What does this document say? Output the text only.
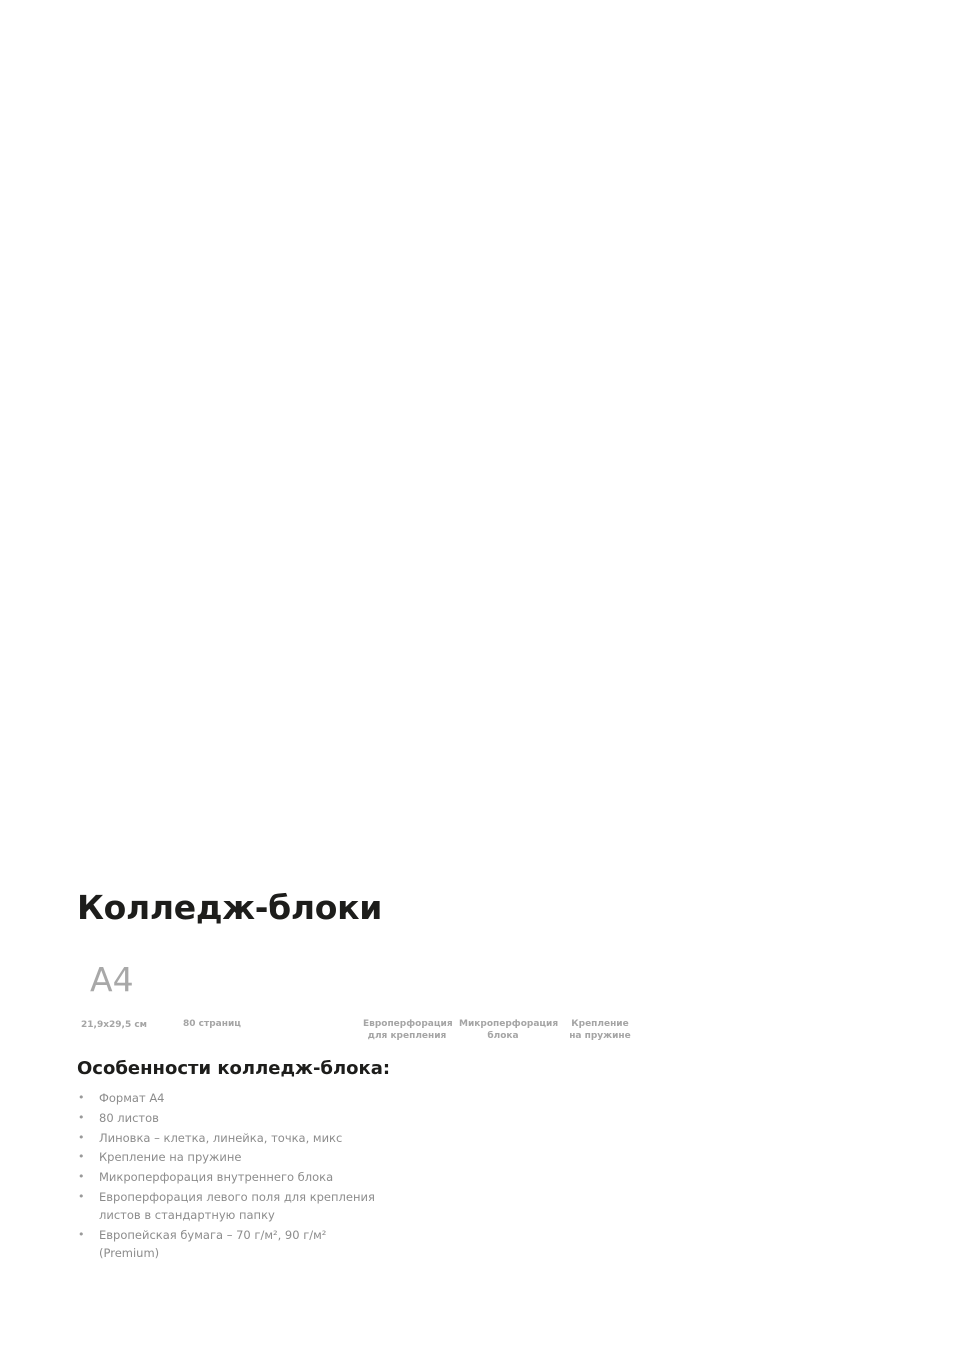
Колледж-блоки
А4
21,9x29,5 см	80 страниц	Европерфорация
для крепления
Микроперфорация
блока
Крепление
на пружине
Особенности колледж-блока:
• Формат А4
• 80 листов
• Линовка – клетка, линейка, точка, микс
• Крепление на пружине
• Микроперфорация внутреннего блока
• Европерфорация левого поля для крепления листов в стандартную папку
• Европейская бумага – 70 г/м², 90 г/м² (Premium)
